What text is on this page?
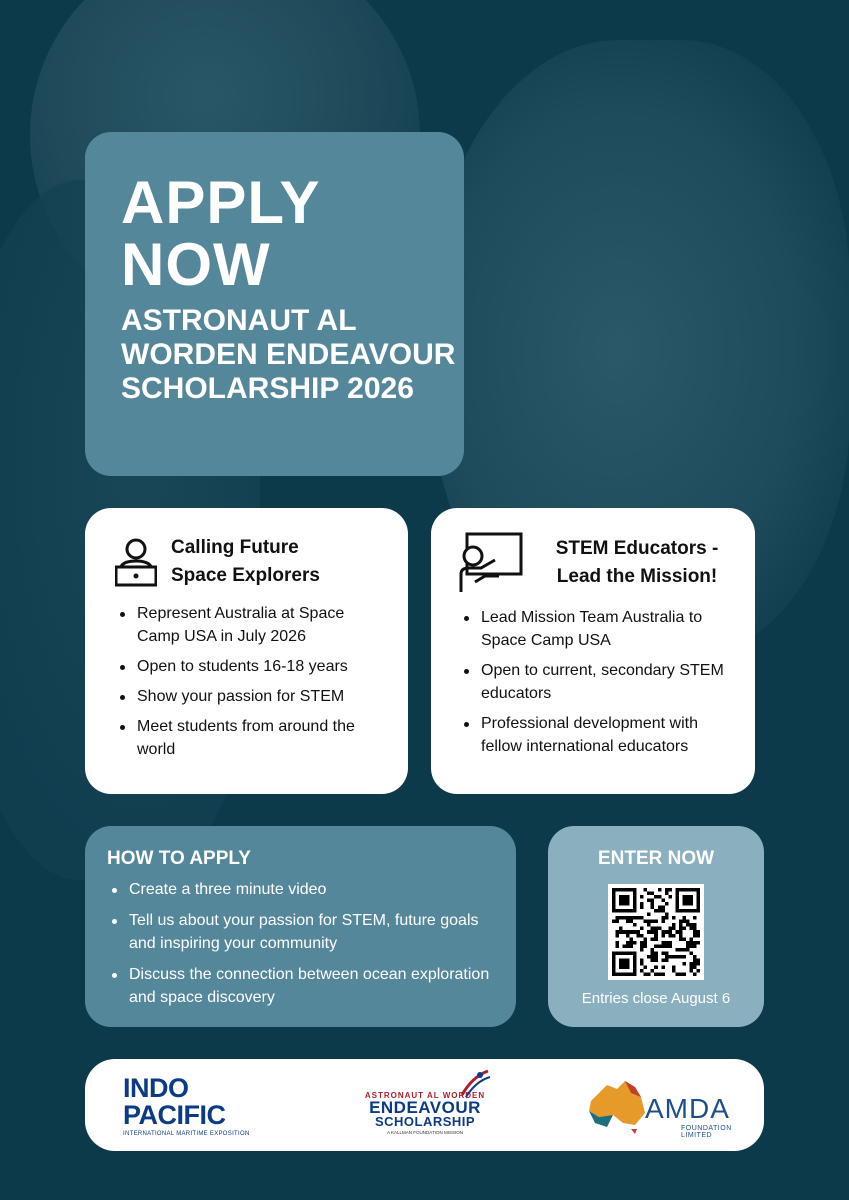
APPLY
NOW
ASTRONAUT AL WORDEN ENDEAVOUR SCHOLARSHIP 2026
Calling Future
Space Explorers
Represent Australia at Space Camp USA in July 2026
Open to students 16-18 years
Show your passion for STEM
Meet students from around the world
STEM Educators -
Lead the Mission!
Lead Mission Team Australia to Space Camp USA
Open to current, secondary STEM educators
Professional development with fellow international educators
HOW TO APPLY
Create a three minute video
Tell us about your passion for STEM, future goals and inspiring your community
Discuss the connection between ocean exploration and space discovery
ENTER NOW
Entries close August 6
INDO
PACIFIC
INTERNATIONAL MARITIME EXPOSITION
ASTRONAUT AL WORDEN
ENDEAVOUR
SCHOLARSHIP
A KALLMAN FOUNDATION MISSION
AMDA
FOUNDATION LIMITED
